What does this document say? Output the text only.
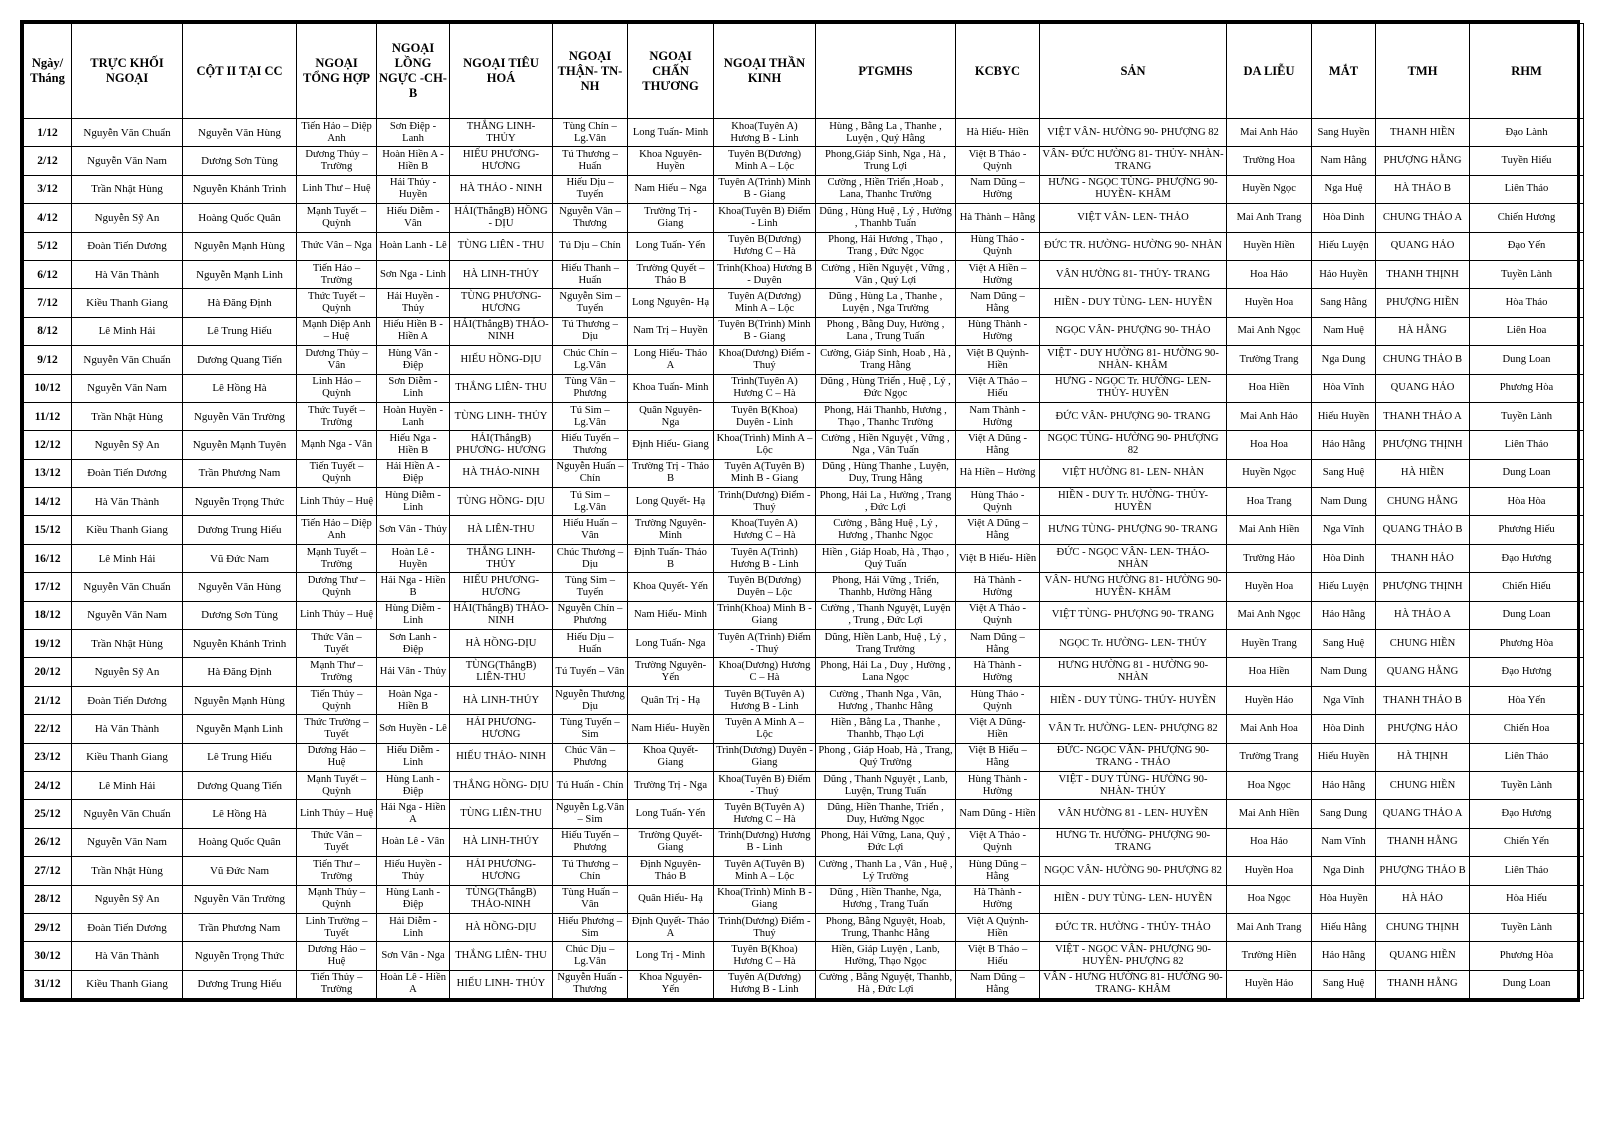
Ngày/ Tháng	TRỰC KHỐI NGOẠI	CỘT II TẠI CC	NGOẠI TỔNG HỢP	NGOẠI LỒNG NGỰC -CH-B	NGOẠI TIÊU HOÁ	NGOẠI THẬN- TN-NH	NGOẠI CHẤN THƯƠNG	NGOẠI THẦN KINH	PTGMHS	KCBYC	SẢN	DA LIỄU	MẮT	TMH	RHM
1/12	Nguyễn Văn Chuẩn	Nguyễn Văn Hùng	Tiến Hảo – Diệp Anh	Sơn Điệp - Lanh	THẮNG LINH- THỦY	Tùng Chín – Lg.Vân	Long Tuấn- Minh	Khoa(Tuyên A) Hương B - Linh	Hùng , Bằng La , Thanhe , Luyện , Quý Hằng	Hà Hiếu- Hiền	VIỆT VÂN- HƯỜNG 90- PHƯỢNG 82	Mai Anh Hảo	Sang Huyền	THANH HIỀN	Đạo Lành
2/12	Nguyễn Văn Nam	Dương Sơn Tùng	Dương Thủy – Trường	Hoàn Hiền A - Hiền B	HIẾU PHƯƠNG- HƯƠNG	Tú Thương – Huấn	Khoa Nguyên- Huyền	Tuyên B(Dương) Minh A – Lộc	Phong,Giáp Sinh, Nga , Hà , Trung Lợi	Việt B Thảo - Quỳnh	VÂN- ĐỨC HƯỜNG 81- THỦY- NHÀN- TRANG	Trường Hoa	Nam Hằng	PHƯỢNG HẰNG	Tuyền Hiếu
3/12	Trần Nhật Hùng	Nguyễn Khánh Trình	Linh Thư – Huệ	Hải Thủy - Huyền	HÀ THẢO - NINH	Hiếu Dịu – Tuyến	Nam Hiếu – Nga	Tuyên A(Trình) Minh B - Giang	Cường , Hiền Triển ,Hoab , Lana, Thanhc Trường	Nam Dũng – Hường	HƯNG - NGỌC TÙNG- PHƯỢNG 90- HUYỀN- KHÂM	Huyền Ngọc	Nga Huệ	HÀ THẢO B	Liên Thảo
4/12	Nguyễn Sỹ An	Hoàng Quốc Quân	Mạnh Tuyết – Quỳnh	Hiếu Diễm - Vân	HẢI(ThắngB) HỒNG - DỊU	Nguyễn Vân – Thương	Trường Trị - Giang	Khoa(Tuyên B) Điểm - Linh	Dũng , Hùng Huệ , Lý , Hường , Thanhb Tuấn	Hà Thành – Hằng	VIỆT VÂN- LEN- THẢO	Mai Anh Trang	Hòa Dinh	CHUNG THẢO A	Chiến Hương
5/12	Đoàn Tiến Dương	Nguyễn Mạnh Hùng	Thức Vân – Nga	Hoàn Lanh - Lê	TÙNG LIÊN - THU	Tú Dịu – Chín	Long Tuấn- Yến	Tuyên B(Dương) Hương C – Hà	Phong, Hải Hương , Thạo , Trang , Đức Ngọc	Hùng Thảo - Quỳnh	ĐỨC TR. HƯỜNG- HƯỜNG 90- NHÀN	Huyền Hiền	Hiếu Luyện	QUANG HẢO	Đạo Yến
6/12	Hà Văn Thành	Nguyễn Mạnh Linh	Tiến Hảo – Trường	Sơn Nga - Linh	HÀ LINH-THỦY	Hiếu Thanh – Huấn	Trường Quyết – Thảo B	Trình(Khoa) Hương B - Duyên	Cường , Hiền Nguyệt , Vững , Vân , Quý Lợi	Việt A Hiền – Hường	VÂN HƯỜNG 81- THỦY- TRANG	Hoa Hảo	Hảo Huyền	THANH THỊNH	Tuyền Lành
7/12	Kiều Thanh Giang	Hà Đăng Định	Thức Tuyết – Quỳnh	Hải Huyền - Thủy	TÙNG PHƯƠNG- HƯƠNG	Nguyễn Sim – Tuyến	Long Nguyên- Hạ	Tuyên A(Dương) Minh A – Lộc	Dũng , Hùng La , Thanhe , Luyện , Nga Trường	Nam Dũng – Hằng	HIỀN - DUY TÙNG- LEN- HUYỀN	Huyền Hoa	Sang Hằng	PHƯỢNG HIỀN	Hòa Thảo
8/12	Lê Minh Hải	Lê Trung Hiếu	Mạnh Diệp Anh – Huệ	Hiếu Hiền B - Hiền A	HẢI(ThắngB) THẢO-NINH	Tú Thương – Dịu	Nam Trị – Huyền	Tuyên B(Trình) Minh B - Giang	Phong , Bằng Duy, Hường , Lana , Trung Tuấn	Hùng Thành - Hường	NGỌC VÂN- PHƯỢNG 90- THẢO	Mai Anh Ngọc	Nam Huệ	HÀ HẰNG	Liên Hoa
9/12	Nguyễn Văn Chuẩn	Dương Quang Tiến	Dương Thủy – Vân	Hùng Vân - Điệp	HIẾU HỒNG-DỊU	Chúc Chín – Lg.Vân	Long Hiếu- Thảo A	Khoa(Dương) Điểm - Thuý	Cường, Giáp Sinh, Hoab , Hà , Trang Hằng	Việt B Quỳnh- Hiền	VIỆT - DUY HƯỜNG 81- HƯỜNG 90- NHÀN- KHÂM	Trường Trang	Nga Dung	CHUNG THẢO B	Dung Loan
10/12	Nguyễn Văn Nam	Lê Hồng Hà	Linh Hảo – Quỳnh	Sơn Diễm - Linh	THẮNG LIÊN- THU	Tùng Vân – Phương	Khoa Tuấn- Minh	Trình(Tuyên A) Hương C – Hà	Dũng , Hùng Triển , Huệ , Lý , Đức Ngọc	Việt A Thảo – Hiếu	HƯNG - NGỌC Tr. HƯỜNG- LEN- THỦY- HUYỀN	Hoa Hiền	Hòa Vĩnh	QUANG HẢO	Phương Hòa
11/12	Trần Nhật Hùng	Nguyễn Văn Trường	Thức Tuyết – Trường	Hoàn Huyền - Lanh	TÙNG LINH- THỦY	Tú Sim – Lg.Vân	Quân Nguyên- Nga	Tuyên B(Khoa) Duyên - Linh	Phong, Hải Thanhb, Hương , Thạo , Thanhc Trường	Nam Thành - Hường	ĐỨC VÂN- PHƯỢNG 90- TRANG	Mai Anh Hảo	Hiếu Huyền	THANH THẢO A	Tuyền Lành
12/12	Nguyễn Sỹ An	Nguyễn Mạnh Tuyên	Mạnh Nga - Vân	Hiếu Nga - Hiền B	HẢI(ThắngB) PHƯƠNG- HƯƠNG	Hiếu Tuyến – Thương	Định Hiếu- Giang	Khoa(Trình) Minh A – Lộc	Cường , Hiền Nguyệt , Vững , Nga , Vân Tuấn	Việt A Dũng - Hằng	NGỌC TÙNG- HƯỜNG 90- PHƯỢNG 82	Hoa Hoa	Hảo Hằng	PHƯỢNG THỊNH	Liên Thảo
13/12	Đoàn Tiến Dương	Trần Phương Nam	Tiến Tuyết – Quỳnh	Hải Hiền A - Điệp	HÀ THẢO-NINH	Nguyễn Huấn – Chín	Trường Trị - Thảo B	Tuyên A(Tuyên B) Minh B - Giang	Dũng , Hùng Thanhe , Luyện, Duy, Trung Hằng	Hà Hiền – Hường	VIỆT HƯỜNG 81- LEN- NHÀN	Huyền Ngọc	Sang Huệ	HÀ HIỀN	Dung Loan
14/12	Hà Văn Thành	Nguyễn Trọng Thức	Linh Thủy – Huệ	Hùng Diễm - Linh	TÙNG HỒNG- DỊU	Tú Sim – Lg.Vân	Long Quyết- Hạ	Trình(Dương) Điểm - Thuý	Phong, Hải La , Hường , Trang , Đức Lợi	Hùng Thảo - Quỳnh	HIỀN - DUY Tr. HƯỜNG- THỦY- HUYỀN	Hoa Trang	Nam Dung	CHUNG HẰNG	Hòa Hòa
15/12	Kiều Thanh Giang	Dương Trung Hiếu	Tiến Hảo – Diệp Anh	Sơn Vân - Thủy	HÀ LIÊN-THU	Hiếu Huấn – Vân	Trường Nguyên- Minh	Khoa(Tuyên A) Hương C – Hà	Cường , Bằng Huệ , Lý , Hương , Thanhc Ngọc	Việt A Dũng – Hằng	HƯNG TÙNG- PHƯỢNG 90- TRANG	Mai Anh Hiền	Nga Vĩnh	QUANG THẢO B	Phương Hiếu
16/12	Lê Minh Hải	Vũ Đức Nam	Mạnh Tuyết – Trường	Hoàn Lê - Huyền	THẮNG LINH- THỦY	Chúc Thương – Dịu	Định Tuấn- Thảo B	Tuyên A(Trình) Hương B - Linh	Hiền , Giáp Hoab, Hà , Thạo , Quý Tuấn	Việt B Hiếu- Hiền	ĐỨC - NGỌC VÂN- LEN- THẢO- NHÀN	Trường Hảo	Hòa Dinh	THANH HẢO	Đạo Hương
17/12	Nguyễn Văn Chuẩn	Nguyễn Văn Hùng	Dương Thư – Quỳnh	Hải Nga - Hiền B	HIẾU PHƯƠNG- HƯƠNG	Tùng Sim – Tuyến	Khoa Quyết- Yến	Tuyên B(Dương) Duyên – Lộc	Phong, Hải Vững , Triển, Thanhb, Hường Hằng	Hà Thành - Hường	VÂN- HƯNG HƯỜNG 81- HƯỜNG 90- HUYỀN- KHÂM	Huyền Hoa	Hiếu Luyện	PHƯỢNG THỊNH	Chiến Hiếu
18/12	Nguyễn Văn Nam	Dương Sơn Tùng	Linh Thủy – Huệ	Hùng Diễm - Linh	HẢI(ThắngB) THẢO-NINH	Nguyễn Chín – Phương	Nam Hiếu- Minh	Trình(Khoa) Minh B - Giang	Cường , Thanh Nguyệt, Luyện , Trung , Đức Lợi	Việt A Thảo - Quỳnh	VIỆT TÙNG- PHƯỢNG 90- TRANG	Mai Anh Ngọc	Hảo Hằng	HÀ THẢO A	Dung Loan
19/12	Trần Nhật Hùng	Nguyễn Khánh Trình	Thức Vân – Tuyết	Sơn Lanh - Điệp	HÀ HỒNG-DỊU	Hiếu Dịu – Huấn	Long Tuấn- Nga	Tuyên A(Trình) Điểm - Thuý	Dũng, Hiền Lanb, Huệ , Lý , Trang Trường	Nam Dũng – Hằng	NGỌC Tr. HƯỜNG- LEN- THỦY	Huyền Trang	Sang Huệ	CHUNG HIỀN	Phương Hòa
20/12	Nguyễn Sỹ An	Hà Đăng Định	Mạnh Thư – Trường	Hải Vân - Thủy	TÙNG(ThắngB) LIÊN-THU	Tú Tuyến – Vân	Trường Nguyên- Yến	Khoa(Dương) Hương C – Hà	Phong, Hải La , Duy , Hường , Lana Ngọc	Hà Thành - Hường	HƯNG HƯỜNG 81 - HƯỜNG 90- NHÀN	Hoa Hiền	Nam Dung	QUANG HẰNG	Đạo Hương
21/12	Đoàn Tiến Dương	Nguyễn Mạnh Hùng	Tiến Thủy – Quỳnh	Hoàn Nga - Hiền B	HÀ LINH-THỦY	Nguyễn Thương Dịu	Quân Trị - Hạ	Tuyên B(Tuyên A) Hương B - Linh	Cường , Thanh Nga , Vân, Hương , Thanhc Hằng	Hùng Thảo - Quỳnh	HIỀN - DUY TÙNG- THỦY- HUYỀN	Huyền Hảo	Nga Vĩnh	THANH THẢO B	Hòa Yến
22/12	Hà Văn Thành	Nguyễn Mạnh Linh	Thức Trường – Tuyết	Sơn Huyền - Lê	HẢI PHƯƠNG- HƯƠNG	Tùng Tuyến – Sim	Nam Hiếu- Huyền	Tuyên A Minh A – Lộc	Hiền , Bằng La , Thanhe , Thanhb, Thạo Lợi	Việt A Dũng- Hiền	VÂN Tr. HƯỜNG- LEN- PHƯỢNG 82	Mai Anh Hoa	Hòa Dinh	PHƯỢNG HẢO	Chiến Hoa
23/12	Kiều Thanh Giang	Lê Trung Hiếu	Dương Hảo – Huệ	Hiếu Diễm - Linh	HIẾU THẢO- NINH	Chúc Vân – Phương	Khoa Quyết- Giang	Trình(Dương) Duyên - Giang	Phong , Giáp Hoab, Hà , Trang, Quý Trường	Việt B Hiếu – Hằng	ĐỨC- NGỌC VÂN- PHƯỢNG 90- TRANG - THẢO	Trường Trang	Hiếu Huyền	HÀ THỊNH	Liên Thảo
24/12	Lê Minh Hải	Dương Quang Tiến	Mạnh Tuyết – Quỳnh	Hùng Lanh - Điệp	THẮNG HỒNG- DỊU	Tú Huấn - Chín	Trường Trị - Nga	Khoa(Tuyên B) Điểm - Thuý	Dũng , Thanh Nguyệt , Lanb, Luyện, Trung Tuấn	Hùng Thành - Hường	VIỆT - DUY TÙNG- HƯỜNG 90- NHÀN- THỦY	Hoa Ngọc	Hảo Hằng	CHUNG HIỀN	Tuyền Lành
25/12	Nguyễn Văn Chuẩn	Lê Hồng Hà	Linh Thủy – Huệ	Hải Nga - Hiền A	TÙNG LIÊN-THU	Nguyễn Lg.Vân – Sim	Long Tuấn- Yến	Tuyên B(Tuyên A) Hương C – Hà	Dũng, Hiền Thanhe, Triển , Duy, Hường Ngọc	Nam Dũng - Hiền	VÂN HƯỜNG 81 - LEN- HUYỀN	Mai Anh Hiền	Sang Dung	QUANG THẢO A	Đạo Hương
26/12	Nguyễn Văn Nam	Hoàng Quốc Quân	Thức Vân – Tuyết	Hoàn Lê - Vân	HÀ LINH-THỦY	Hiếu Tuyến – Phương	Trường Quyết- Giang	Trình(Dương) Hương B - Linh	Phong, Hải Vững, Lana, Quý , Đức Lợi	Việt A Thảo - Quỳnh	HƯNG Tr. HƯỜNG- PHƯỢNG 90- TRANG	Hoa Hảo	Nam Vĩnh	THANH HẰNG	Chiến Yến
27/12	Trần Nhật Hùng	Vũ Đức Nam	Tiến Thư – Trường	Hiếu Huyền - Thủy	HẢI PHƯƠNG- HƯƠNG	Tú Thương – Chín	Định Nguyên- Thảo B	Tuyên A(Tuyên B) Minh A – Lộc	Cường , Thanh La , Vân , Huệ , Lý Trường	Hùng Dũng – Hằng	NGỌC VÂN- HƯỜNG 90- PHƯỢNG 82	Huyền Hoa	Nga Dinh	PHƯỢNG THẢO B	Liên Thảo
28/12	Nguyễn Sỹ An	Nguyễn Văn Trường	Mạnh Thủy – Quỳnh	Hùng Lanh - Điệp	TÙNG(ThắngB) THẢO-NINH	Tùng Huấn – Vân	Quân Hiếu- Hạ	Khoa(Trình) Minh B - Giang	Dũng , Hiền Thanhe, Nga, Hương , Trang Tuấn	Hà Thành - Hường	HIỀN - DUY TÙNG- LEN- HUYỀN	Hoa Ngọc	Hòa Huyền	HÀ HẢO	Hòa Hiếu
29/12	Đoàn Tiến Dương	Trần Phương Nam	Linh Trường – Tuyết	Hải Diễm - Linh	HÀ HỒNG-DỊU	Hiếu Phương – Sim	Định Quyết- Thảo A	Trình(Dương) Điểm - Thuý	Phong, Bằng Nguyệt, Hoab, Trung, Thanhc Hằng	Việt A Quỳnh- Hiền	ĐỨC TR. HƯỜNG - THỦY- THẢO	Mai Anh Trang	Hiếu Hằng	CHUNG THỊNH	Tuyền Lành
30/12	Hà Văn Thành	Nguyễn Trọng Thức	Dương Hảo – Huệ	Sơn Vân - Nga	THẮNG LIÊN- THU	Chúc Dịu – Lg.Vân	Long Trị - Minh	Tuyên B(Khoa) Hương C – Hà	Hiền, Giáp Luyện , Lanb, Hường, Thạo Ngọc	Việt B Thảo – Hiếu	VIỆT - NGỌC VÂN- PHƯỢNG 90- HUYỀN- PHƯỢNG 82	Trường Hiền	Hảo Hằng	QUANG HIỀN	Phương Hòa
31/12	Kiều Thanh Giang	Dương Trung Hiếu	Tiến Thủy – Trường	Hoàn Lê - Hiền A	HIẾU LINH- THỦY	Nguyễn Huấn - Thương	Khoa Nguyên- Yến	Tuyên A(Dương) Hương B - Linh	Cường , Bằng Nguyệt, Thanhb, Hà , Đức Lợi	Nam Dũng – Hằng	VÂN - HƯNG HƯỜNG 81- HƯỜNG 90- TRANG- KHÂM	Huyền Hảo	Sang Huệ	THANH HẰNG	Dung Loan
